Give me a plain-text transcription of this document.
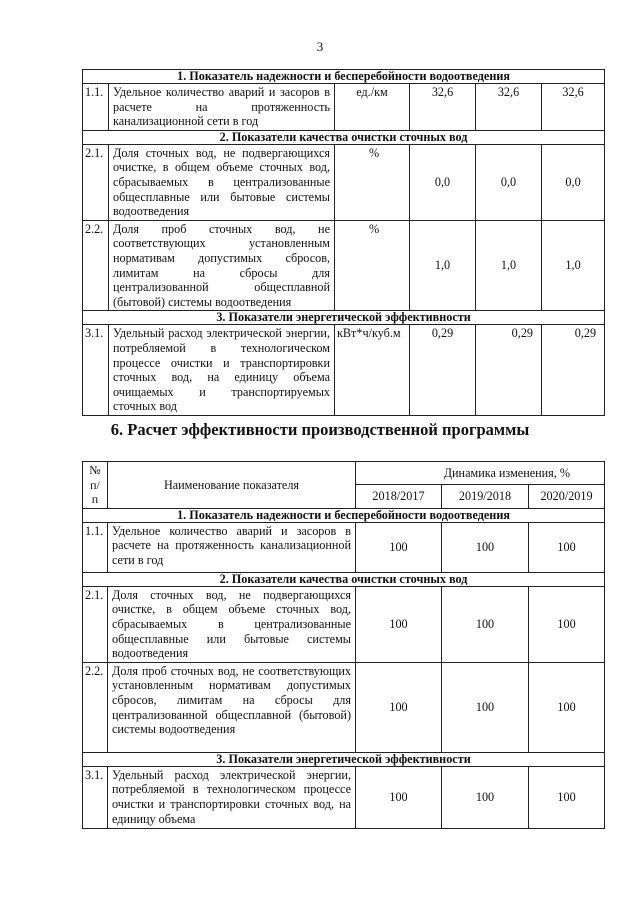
3
1. Показатель надежности и бесперебойности водоотведения					
1.1.	Удельное количество аварий и засоров в расчете на протяженность канализационной сети в год	ед./км	32,6	32,6	32,6
2. Показатели качества очистки сточных вод					
2.1.	Доля сточных вод, не подвергающихся очистке, в общем объеме сточных вод, сбрасываемых в централизованные общесплавные или бытовые системы водоотведения	%	0,0	0,0	0,0
2.2.	Доля проб сточных вод, не соответствующих установленным нормативам допустимых сбросов, лимитам на сбросы для централизованной общесплавной (бытовой) системы водоотведения	%	1,0	1,0	1,0
3. Показатели энергетической эффективности					
3.1.	Удельный расход электрической энергии, потребляемой в технологическом процессе очистки и транспортировки сточных вод, на единицу объема очищаемых и транспортируемых сточных вод	кВт*ч/куб.м	0,29	0,29	0,29
6. Расчет эффективности производственной программы
№ п/п	Наименование показателя	Динамика изменения, %		
		2018/2017	2019/2018	2020/2019
1. Показатель надежности и бесперебойности водоотведения				
1.1.	Удельное количество аварий и засоров в расчете на протяженность канализационной сети в год	100	100	100
2. Показатели качества очистки сточных вод				
2.1.	Доля сточных вод, не подвергающихся очистке, в общем объеме сточных вод, сбрасываемых в централизованные общесплавные или бытовые системы водоотведения	100	100	100
2.2.	Доля проб сточных вод, не соответствующих установленным нормативам допустимых сбросов, лимитам на сбросы для централизованной общесплавной (бытовой) системы водоотведения	100	100	100
3. Показатели энергетической эффективности				
3.1.	Удельный расход электрической энергии, потребляемой в технологическом процессе очистки и транспортировки сточных вод, на единицу объема	100	100	100
